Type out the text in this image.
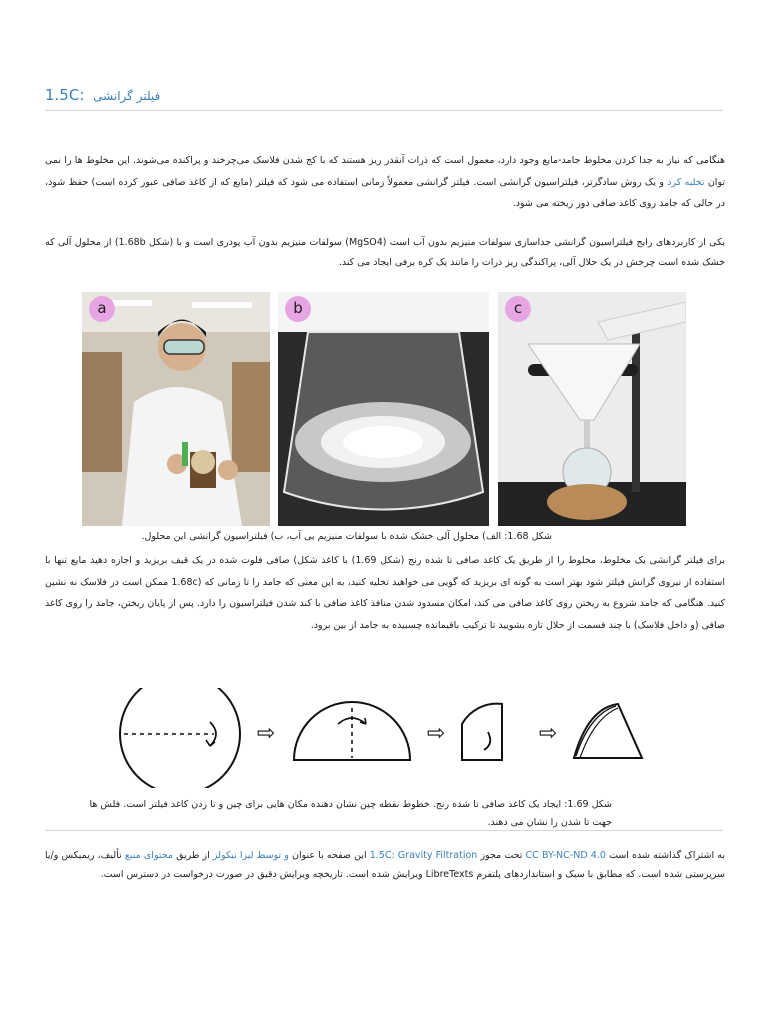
1.5C: فیلتر گرانشی
هنگامی که نیاز به جدا کردن مخلوط جامد-مایع وجود دارد، معمول است که ذرات آنقدر ریز هستند که با کج شدن فلاسک می‌چرخند و پراکنده می‌شوند. این مخلوط ها را نمی توان تخلیه کرد و یک روش سادگرتر، فیلتراسیون گرانشی است. فیلتر گرانشی معمولاً زمانی استفاده می شود که فیلتر (مایع که از کاغذ صافی عبور کرده است) حفظ شود، در حالی که جامد روی کاغذ صافی دور ریخته می شود.
یکی از کاربردهای رایج فیلتراسیون گرانشی جداسازی سولفات منیزیم بدون آب است (MgSO4) سولفات منیزیم بدون آب پودری است و با (شکل 1.68b) از محلول آلی که خشک شده است چرخش در یک حلال آلی، پراکندگی ریز ذرات را مانند یک کره برفی ایجاد می کند.
a	b	c
شکل 1.68: الف) محلول آلی خشک شده با سولفات منیزیم بی آب، ب) فیلتراسیون گرانشی این محلول.
برای فیلتر گرانشی یک مخلوط، مخلوط را از طریق یک کاغذ صافی تا شده رنج (شکل 1.69) با کاغذ شکل) صافی فلوت شده در یک قیف بریزید و اجازه دهید مایع تنها با استفاده از نیروی گرانش فیلتر شود بهتر است به گونه ای بریزید که گویی می خواهید تخلیه کنید، به این معنی که جامد را تا زمانی که (1.68c ممکن است در فلاسک نه نشین کنید. هنگامی که جامد شروع به ریختن روی کاغذ صافی می کند، امکان مسدود شدن منافذ کاغذ صافی با کند شدن فیلتراسیون را دارد. پس از پایان ریختن، جامد را روی کاغذ صافی (و داخل فلاسک) با چند قسمت از حلال تازه بشویید تا ترکیب باقیمانده چسبیده به جامد از بین برود.
⇨	⇨	⇨
شکل 1.69: ایجاد یک کاغذ صافی تا شده رنج. خطوط نقطه چین نشان دهنده مکان هایی برای چین و تا زدن کاغذ فیلتر است. فلش ها جهت تا شدن را نشان می دهند.
به اشتراک گذاشته شده است CC BY-NC-ND 4.0 تحت مجوز 1.5C: Gravity Filtration این صفحه با عنوان و توسط لیزا نیکولز از طریق محتوای منبع تألیف، ریمیکس و/یا سرپرستی شده است. که مطابق با سبک و استانداردهای پلتفرم LibreTexts ویرایش شده است. تاریخچه ویرایش دقیق در صورت درخواست در دسترس است.
